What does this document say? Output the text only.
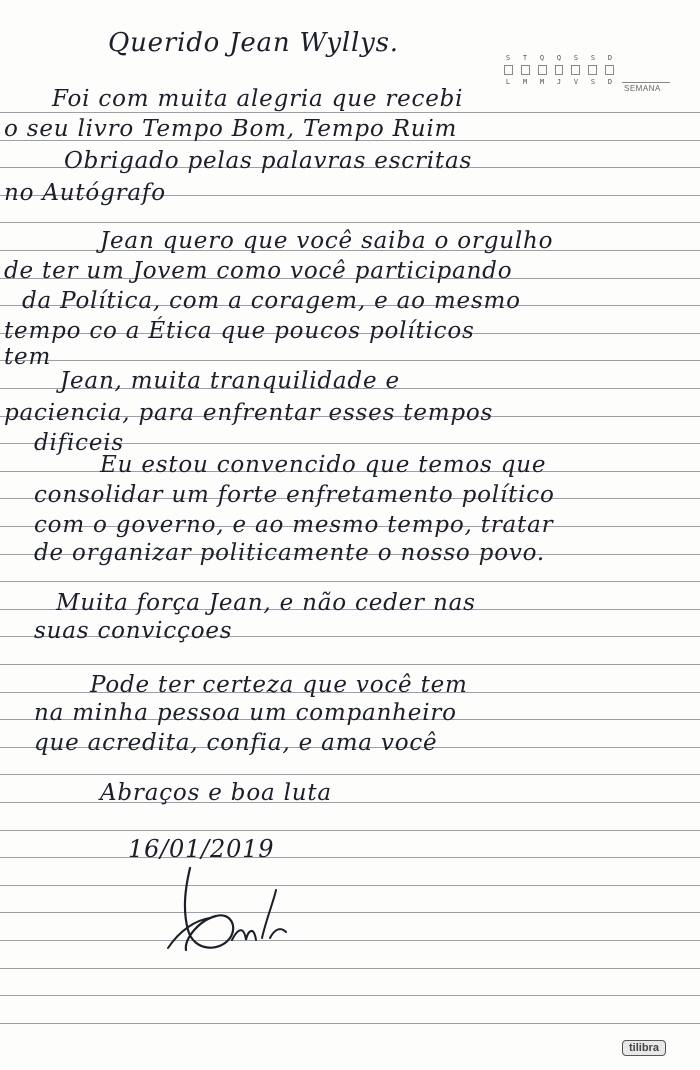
S	T	Q	Q	S	S	D
L	M	M	J	V	S	D
SEMANA
Querido Jean Wyllys.
Foi com muita alegria que recebi
o seu livro Tempo Bom, Tempo Ruim
Obrigado pelas palavras escritas
no Autógrafo
Jean quero que você saiba o orgulho
de ter um Jovem como você participando
da Política, com a coragem, e ao mesmo
tempo co a Ética que poucos políticos
tem
Jean, muita tranquilidade e
paciencia, para enfrentar esses tempos
dificeis
Eu estou convencido que temos que
consolidar um forte enfretamento político
com o governo, e ao mesmo tempo, tratar
de organizar politicamente o nosso povo.
Muita força Jean, e não ceder nas
suas convicçoes
Pode ter certeza que você tem
na minha pessoa um companheiro
que acredita, confia, e ama você
Abraços e boa luta
16/01/2019
tilibra
